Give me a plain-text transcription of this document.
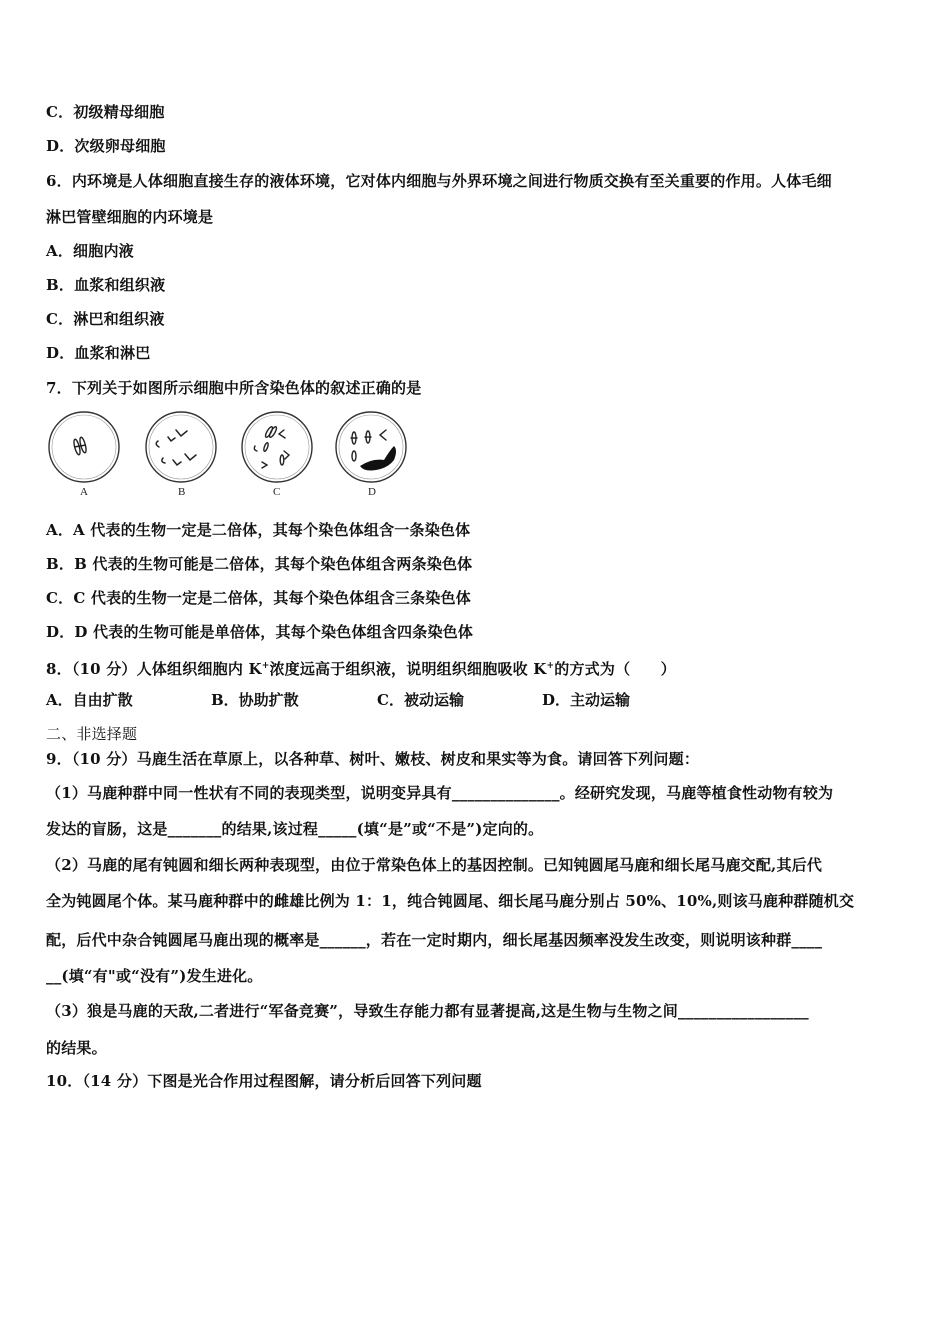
C．初级精母细胞
D．次级卵母细胞
6．内环境是人体细胞直接生存的液体环境，它对体内细胞与外界环境之间进行物质交换有至关重要的作用。人体毛细
淋巴管壁细胞的内环境是
A．细胞内液
B．血浆和组织液
C．淋巴和组织液
D．血浆和淋巴
7．下列关于如图所示细胞中所含染色体的叙述正确的是
A	B	C	D
A．A 代表的生物一定是二倍体，其每个染色体组含一条染色体
B．B 代表的生物可能是二倍体，其每个染色体组含两条染色体
C．C 代表的生物一定是二倍体，其每个染色体组含三条染色体
D．D 代表的生物可能是单倍体，其每个染色体组含四条染色体
8．（10 分）人体组织细胞内 K+浓度远高于组织液，说明组织细胞吸收 K+的方式为（　　）
A．自由扩散	B．协助扩散	C．被动运输	D．主动运输
二、非选择题
9．（10 分）马鹿生活在草原上，以各种草、树叶、嫩枝、树皮和果实等为食。请回答下列问题：
（1）马鹿种群中同一性状有不同的表现类型，说明变异具有______________。经研究发现，马鹿等植食性动物有较为
发达的盲肠，这是_______的结果,该过程_____(填“是”或“不是”)定向的。
（2）马鹿的尾有钝圆和细长两种表现型，由位于常染色体上的基因控制。已知钝圆尾马鹿和细长尾马鹿交配,其后代
全为钝圆尾个体。某马鹿种群中的雌雄比例为 1：1，纯合钝圆尾、细长尾马鹿分别占 50%、10%,则该马鹿种群随机交
配，后代中杂合钝圆尾马鹿出现的概率是______，若在一定时期内，细长尾基因频率没发生改变，则说明该种群____
__(填“有"或“没有”)发生进化。
（3）狼是马鹿的天敌,二者进行“军备竞赛”，导致生存能力都有显著提高,这是生物与生物之间_________________
的结果。
10．（14 分）下图是光合作用过程图解，请分析后回答下列问题
